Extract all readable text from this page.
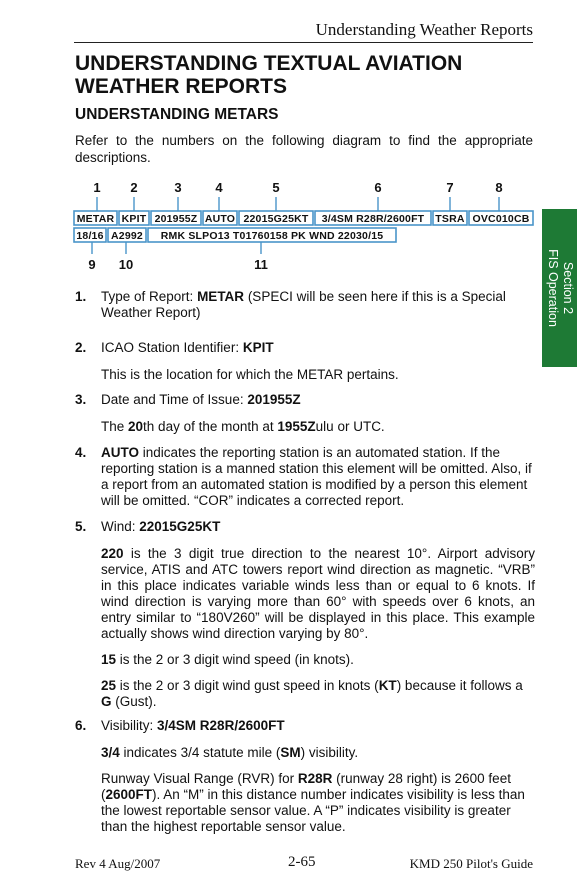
Understanding Weather Reports
UNDERSTANDING TEXTUAL AVIATION WEATHER REPORTS
UNDERSTANDING METARS

Refer to the numbers on the following diagram to find the appropriate descriptions.

1 2	3	4	5	6	7	8
METAR KPIT 201955Z AUTO 22015G25KT 3/4SM R28R/2600FT TSRA OVC010CB
18/16 A2992 RMK SLPO13 T01760158 PK WND 22030/15
9 10	11	Section 2
FIS Operation
1. Type of Report: METAR (SPECI will be seen here if this is a Special Weather Report)

2. ICAO Station Identifier: KPIT

This is the location for which the METAR pertains.

3. Date and Time of Issue: 201955Z

The 20th day of the month at 1955Zulu or UTC.

4. AUTO indicates the reporting station is an automated station. If the reporting station is a manned station this element will be omitted. Also, if a report from an automated station is modified by a person this element will be omitted. “COR” indicates a corrected report.

5. Wind: 22015G25KT

220 is the 3 digit true direction to the nearest 10°. Airport advisory service, ATIS and ATC towers report wind direction as magnetic. “VRB” in this place indicates variable winds less than or equal to 6 knots. If wind direction is varying more than 60° with speeds over 6 knots, an entry similar to “180V260” will be displayed in this place. This example actually shows wind direction varying by 80°.

15 is the 2 or 3 digit wind speed (in knots).

25 is the 2 or 3 digit wind gust speed in knots (KT) because it follows a G (Gust).

6. Visibility: 3/4SM R28R/2600FT

3/4 indicates 3/4 statute mile (SM) visibility.

Runway Visual Range (RVR) for R28R (runway 28 right) is 2600 feet (2600FT). An “M” in this distance number indicates visibility is less than the lowest reportable sensor value. A “P” indicates visibility is greater than the highest reportable sensor value.

Rev 4 Aug/2007	2-65	KMD 250 Pilot's Guide
